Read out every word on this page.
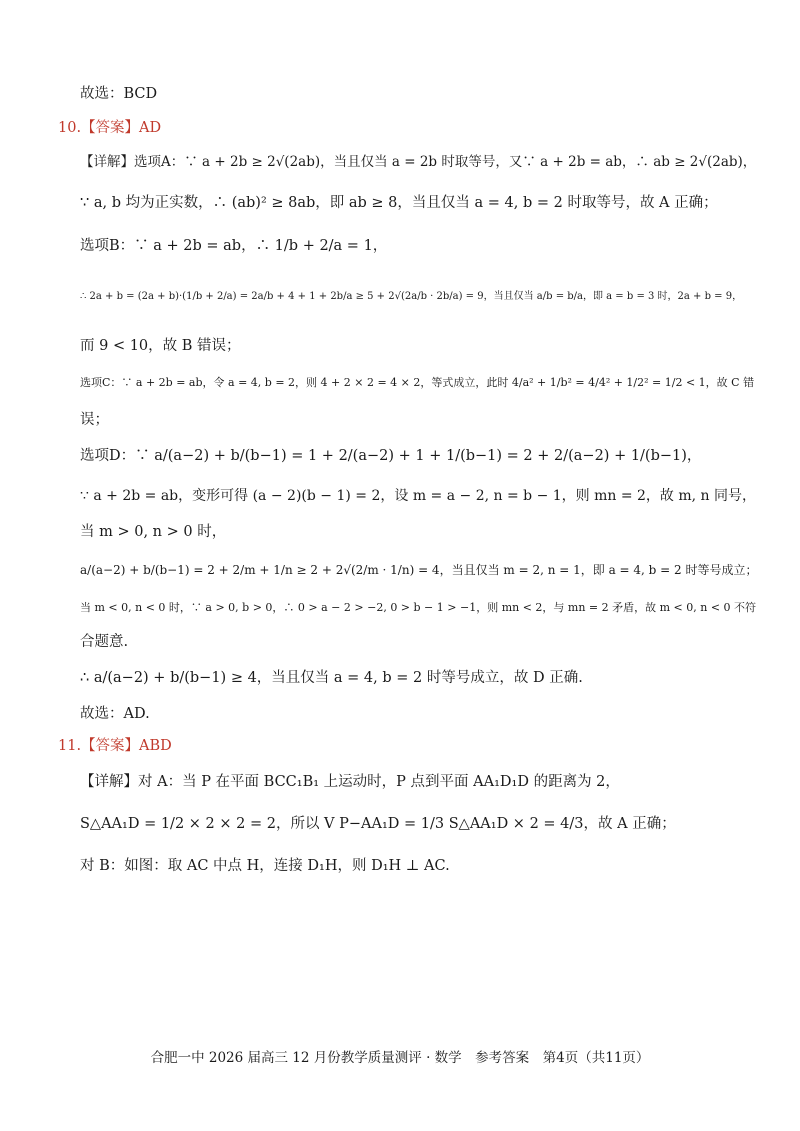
故选：BCD
10.【答案】AD
【详解】选项A：∵ a + 2b ≥ 2√(2ab)，当且仅当 a = 2b 时取等号，又∵ a + 2b = ab，∴ ab ≥ 2√(2ab)，
∵ a, b 均为正实数，∴ (ab)² ≥ 8ab，即 ab ≥ 8，当且仅当 a = 4, b = 2 时取等号，故 A 正确；
选项B：∵ a + 2b = ab，∴ 1/b + 2/a = 1，
∴ 2a + b = (2a + b)·(1/b + 2/a) = 2a/b + 4 + 1 + 2b/a ≥ 5 + 2√(2a/b · 2b/a) = 9，当且仅当 a/b = b/a，即 a = b = 3 时，2a + b = 9，
而 9 < 10，故 B 错误；
选项C：∵ a + 2b = ab，令 a = 4, b = 2，则 4 + 2 × 2 = 4 × 2，等式成立，此时 4/a² + 1/b² = 4/4² + 1/2² = 1/2 < 1，故 C 错
误；
选项D：∵ a/(a−2) + b/(b−1) = 1 + 2/(a−2) + 1 + 1/(b−1) = 2 + 2/(a−2) + 1/(b−1)，
∵ a + 2b = ab，变形可得 (a − 2)(b − 1) = 2，设 m = a − 2, n = b − 1，则 mn = 2，故 m, n 同号，
当 m > 0, n > 0 时，
a/(a−2) + b/(b−1) = 2 + 2/m + 1/n ≥ 2 + 2√(2/m · 1/n) = 4，当且仅当 m = 2, n = 1，即 a = 4, b = 2 时等号成立；
当 m < 0, n < 0 时，∵ a > 0, b > 0，∴ 0 > a − 2 > −2, 0 > b − 1 > −1，则 mn < 2，与 mn = 2 矛盾，故 m < 0, n < 0 不符
合题意.
∴ a/(a−2) + b/(b−1) ≥ 4，当且仅当 a = 4, b = 2 时等号成立，故 D 正确.
故选：AD.
11.【答案】ABD
【详解】对 A：当 P 在平面 BCC₁B₁ 上运动时，P 点到平面 AA₁D₁D 的距离为 2，
S△AA₁D = 1/2 × 2 × 2 = 2，所以 V P−AA₁D = 1/3 S△AA₁D × 2 = 4/3，故 A 正确；
对 B：如图：取 AC 中点 H，连接 D₁H，则 D₁H ⊥ AC.
合肥一中 2026 届高三 12 月份教学质量测评 · 数学　参考答案　第4页（共11页）
